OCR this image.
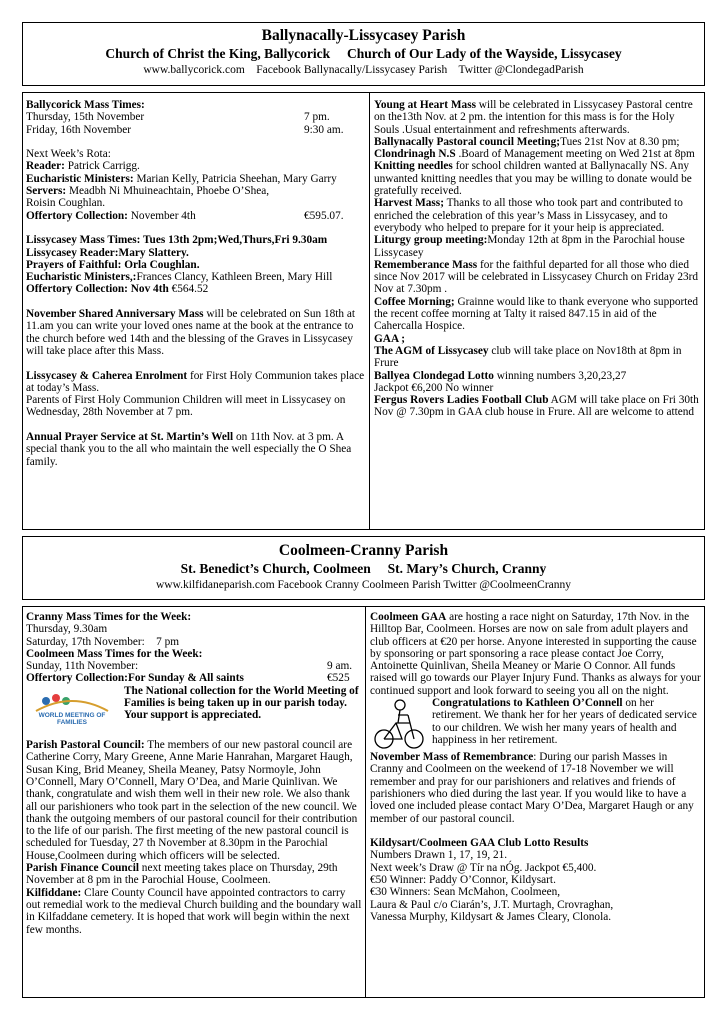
Ballynacally-Lissycasey Parish
Church of Christ the King, Ballycorick     Church of Our Lady of the Wayside, Lissycasey
www.ballycorick.com    Facebook Ballynacally/Lissycasey Parish    Twitter @ClondegadParish

Ballycorick Mass Times:

Thursday, 15th November	7 pm.

Friday, 16th November	9:30 am.

Next Week’s Rota:

Reader: Patrick Carrigg.

Eucharistic Ministers: Marian Kelly, Patricia Sheehan, Mary Garry

Servers: Meadbh Ni Mhuineachtain, Phoebe O’Shea,

Roisin Coughlan.

Offertory Collection: November 4th	€595.07.

Lissycasey Mass Times: Tues 13th 2pm;Wed,Thurs,Fri 9.30am

Lissycasey Reader:Mary Slattery.

Prayers of Faithful: Orla Coughlan.

Eucharistic Ministers,:Frances Clancy, Kathleen Breen, Mary Hill

Offertory Collection: Nov 4th €564.52

November Shared Anniversary Mass will be celebrated on Sun 18th at 11.am you can write your loved ones name at the book at the entrance to the church before wed 14th and the blessing of the Graves in Lissycasey will take place after this Mass.

Lissycasey & Caherea Enrolment for First Holy Communion takes place at today’s Mass.

Parents of First Holy Communion Children will meet in Lissycasey on Wednesday, 28th November at 7 pm.

Annual Prayer Service at St. Martin’s Well on 11th Nov. at 3 pm. A special thank you to the all who maintain the well especially the O Shea family.

Young at Heart Mass will be celebrated in Lissycasey Pastoral centre on the13th Nov. at 2 pm. the intention for this mass is for the Holy Souls .Usual entertainment and refreshments afterwards.

Ballynacally Pastoral council Meeting;Tues 21st Nov at 8.30 pm;

Clondrinagh N.S .Board of Management meeting on Wed 21st at 8pm

Knitting needles for school children wanted at Ballynacally NS. Any unwanted knitting needles that you may be willing to donate would be gratefully received.

Harvest Mass; Thanks to all those who took part and contributed to enriched the celebration of this year’s Mass in Lissycasey, and to everybody who helped to prepare for it your heip is appreciated.

Liturgy group meeting:Monday 12th at 8pm in the Parochial house Lissycasey

Rememberance Mass for the faithful departed for all those who died since Nov 2017 will be celebrated in Lissycasey Church on Friday 23rd Nov at 7.30pm .

Coffee Morning; Grainne would like to thank everyone who supported the recent coffee morning at Talty it raised 847.15 in aid of the Cahercalla Hospice.

GAA ;

The AGM of Lissycasey club will take place on Nov18th at 8pm in Frure

Ballyea Clondegad Lotto winning numbers 3,20,23,27

Jackpot €6,200 No winner

Fergus Rovers Ladies Football Club AGM will take place on Fri 30th Nov @ 7.30pm in GAA club house in Frure. All are welcome to attend

Coolmeen-Cranny Parish
St. Benedict’s Church, Coolmeen     St. Mary’s Church, Cranny
www.kilfidaneparish.com Facebook Cranny Coolmeen Parish Twitter @CoolmeenCranny

Cranny Mass Times for the Week:

Thursday, 9.30am

Saturday, 17th November: 7 pm

Coolmeen Mass Times for the Week:

Sunday, 11th November:	9 am.

Offertory Collection:For Sunday & All saints	€525

WORLD MEETING OF
FAMILIES

The National collection for the World Meeting of Families is being taken up in our parish today. Your support is appreciated.

Parish Pastoral Council: The members of our new pastoral council are Catherine Corry, Mary Greene, Anne Marie Hanrahan, Margaret Haugh, Susan King, Brid Meaney, Sheila Meaney, Patsy Normoyle, John O’Connell, Mary O’Connell, Mary O’Dea, and Marie Quinlivan. We thank, congratulate and wish them well in their new role. We also thank all our parishioners who took part in the selection of the new council. We thank the outgoing members of our pastoral council for their contribution to the life of our parish. The first meeting of the new pastoral council is scheduled for Tuesday, 27 th November at 8.30pm in the Parochial House,Coolmeen during which officers will be selected.

Parish Finance Council next meeting takes place on Thursday, 29th November at 8 pm in the Parochial House, Coolmeen.

Kilfiddane: Clare County Council have appointed contractors to carry out remedial work to the medieval Church building and the boundary wall in Kilfaddane cemetery. It is hoped that work will begin within the next few months.

Coolmeen GAA are hosting a race night on Saturday, 17th Nov. in the Hilltop Bar, Coolmeen. Horses are now on sale from adult players and club officers at €20 per horse. Anyone interested in supporting the cause by sponsoring or part sponsoring a race please contact Joe Corry, Antoinette Quinlivan, Sheila Meaney or Marie O Connor. All funds raised will go towards our Player Injury Fund. Thanks as always for your continued support and look forward to seeing you all on the night.

Congratulations to Kathleen O’Connell on her retirement. We thank her for her years of dedicated service to our children. We wish her many years of health and happiness in her retirement.

November Mass of Remembrance: During our parish Masses in Cranny and Coolmeen on the weekend of 17-18 November we will remember and pray for our parishioners and relatives and friends of parishioners who died during the last year. If you would like to have a loved one included please contact Mary O’Dea, Margaret Haugh or any member of our pastoral council.

Kildysart/Coolmeen GAA Club Lotto Results

Numbers Drawn 1, 17, 19, 21.

Next week’s Draw @ Tír na nÓg. Jackpot €5,400.

€50 Winner: Paddy O’Connor, Kildysart.

€30 Winners: Sean McMahon, Coolmeen,

Laura & Paul c/o Ciarán’s, J.T. Murtagh, Crovraghan,

Vanessa Murphy, Kildysart & James Cleary, Clonola.
